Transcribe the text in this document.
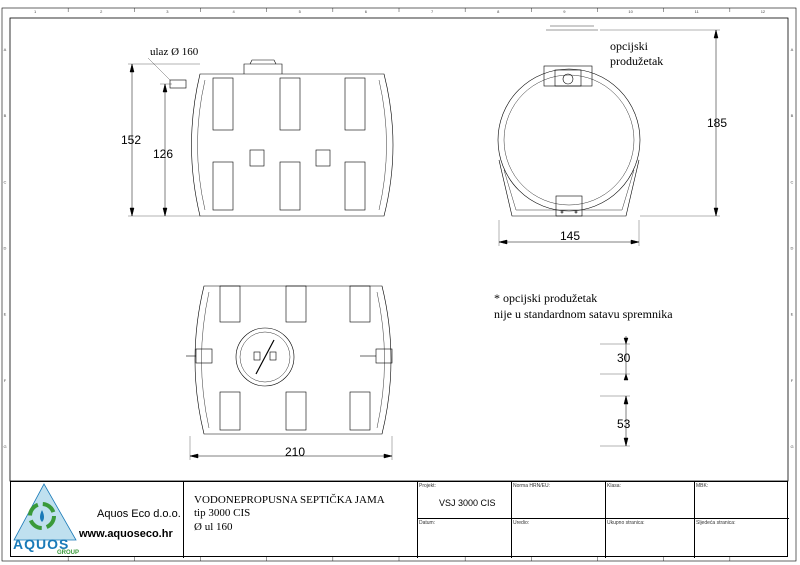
1	2	3	4	5	6	7	8	9	10	11	12
A	A
B	B
C	C
D	D
E	E
F	F
G	G
ulaz Ø 160	opcijski
produžetak
152
126
185
145
210
30
53
* opcijski produžetak
nije u standardnom satavu spremnika
AQUOS
GROUP
Aquos Eco d.o.o.
www.aquoseco.hr
VODONEPROPUSNA SEPTIČKA JAMA
tip 3000 CIS
Ø ul 160
Projekt:
VSJ 3000 CIS
Norma HRN/EU:	Klasa:	MBK:
Datum:	Uredio:	Ukupno stranica:	Sljedeća stranica:
